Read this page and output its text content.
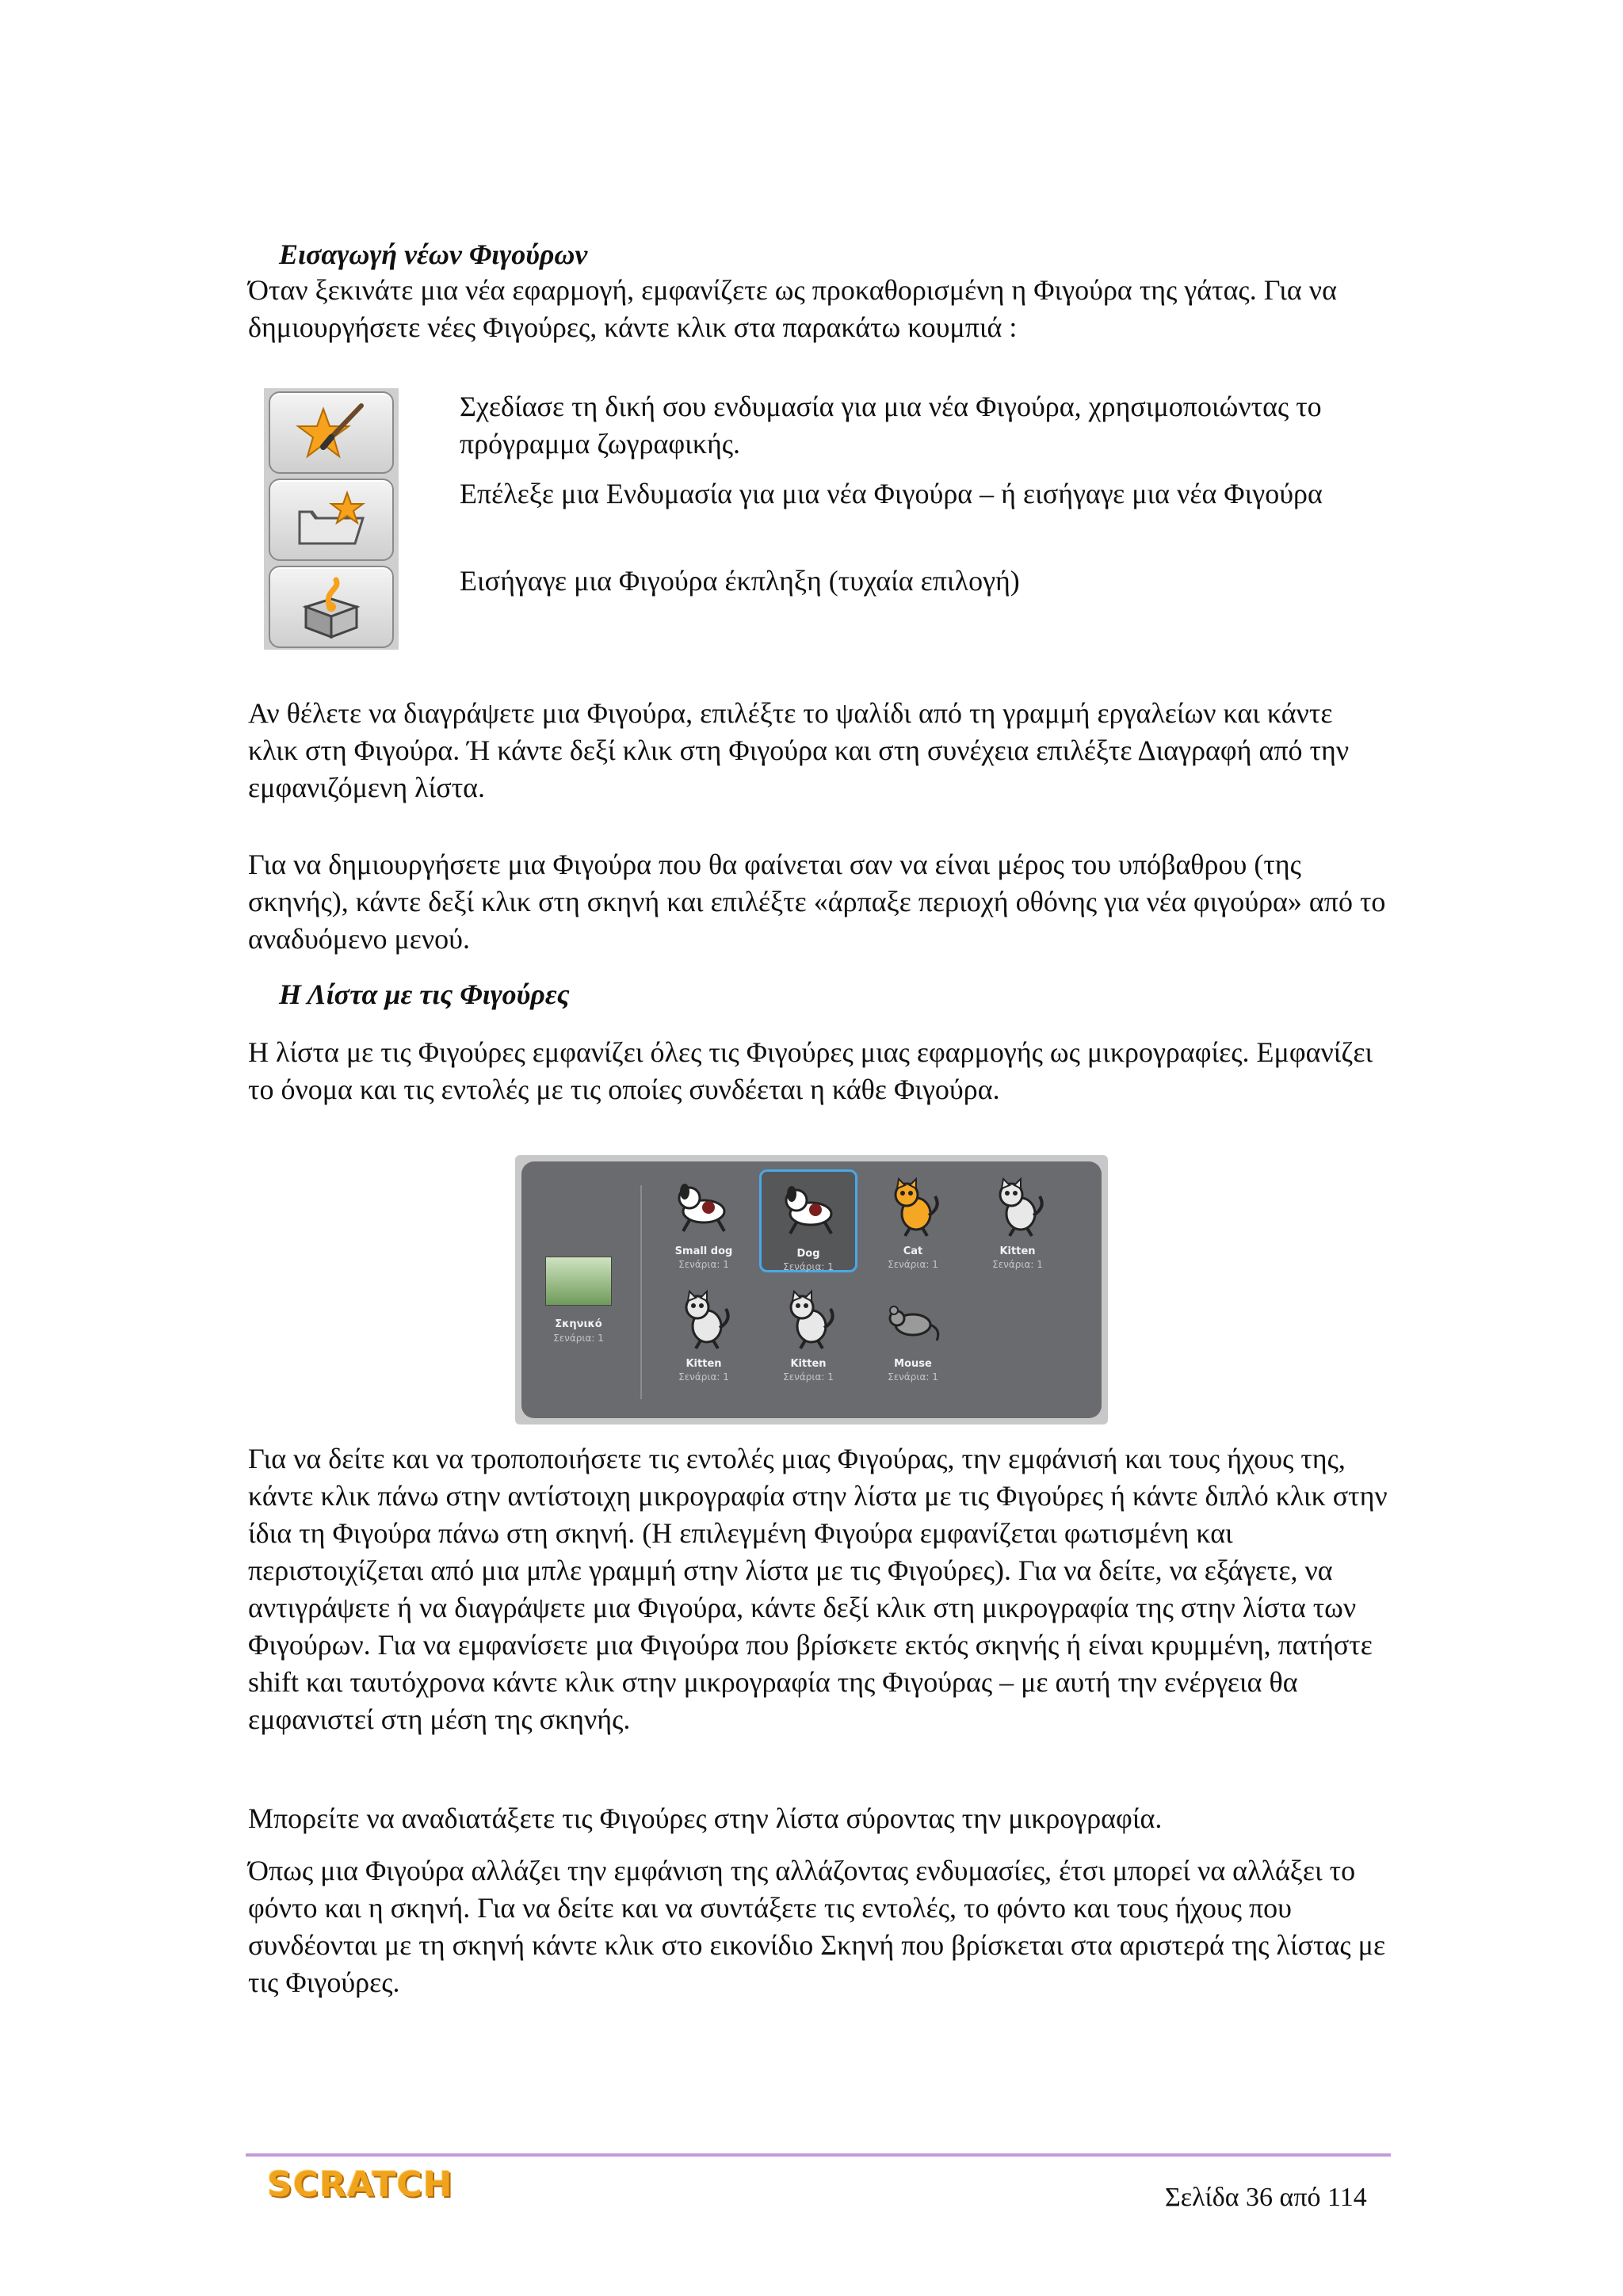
Εισαγωγή νέων Φιγούρων

Όταν ξεκινάτε μια νέα εφαρμογή, εμφανίζετε ως προκαθορισμένη η Φιγούρα της γάτας. Για να δημιουργήσετε νέες Φιγούρες, κάντε κλικ στα παρακάτω κουμπιά :

Σχεδίασε τη δική σου ενδυμασία για μια νέα Φιγούρα, χρησιμοποιώντας το πρόγραμμα ζωγραφικής.

Επέλεξε μια Ενδυμασία για μια νέα Φιγούρα – ή εισήγαγε μια νέα Φιγούρα

Εισήγαγε μια Φιγούρα έκπληξη (τυχαία επιλογή)

Αν θέλετε να διαγράψετε μια Φιγούρα, επιλέξτε το ψαλίδι από τη γραμμή εργαλείων και κάντε κλικ στη Φιγούρα. Ή κάντε δεξί κλικ στη Φιγούρα και στη συνέχεια επιλέξτε Διαγραφή από την εμφανιζόμενη λίστα.

Για να δημιουργήσετε μια Φιγούρα που θα φαίνεται σαν να είναι μέρος του υπόβαθρου (της σκηνής), κάντε δεξί κλικ στη σκηνή και επιλέξτε «άρπαξε περιοχή οθόνης για νέα φιγούρα» από το αναδυόμενο μενού.

Η Λίστα με τις Φιγούρες

Η λίστα με τις Φιγούρες εμφανίζει όλες τις Φιγούρες μιας εφαρμογής ως μικρογραφίες. Εμφανίζει το όνομα και τις εντολές με τις οποίες συνδέεται η κάθε Φιγούρα.

Σκηνικό
Σενάρια: 1
Small dog
Σενάρια: 1
Dog
Σενάρια: 1
Cat
Σενάρια: 1
Kitten
Σενάρια: 1
Kitten
Σενάρια: 1
Kitten
Σενάρια: 1
Mouse
Σενάρια: 1

Για να δείτε και να τροποποιήσετε τις εντολές μιας Φιγούρας, την εμφάνισή και τους ήχους της, κάντε κλικ πάνω στην αντίστοιχη μικρογραφία στην λίστα με τις Φιγούρες ή κάντε διπλό κλικ στην ίδια τη Φιγούρα πάνω στη σκηνή. (Η επιλεγμένη Φιγούρα εμφανίζεται φωτισμένη και περιστοιχίζεται από μια μπλε γραμμή στην λίστα με τις Φιγούρες). Για να δείτε, να εξάγετε, να αντιγράψετε ή να διαγράψετε μια Φιγούρα, κάντε δεξί κλικ στη μικρογραφία της στην λίστα των Φιγούρων. Για να εμφανίσετε μια Φιγούρα που βρίσκετε εκτός σκηνής ή είναι κρυμμένη, πατήστε shift και ταυτόχρονα κάντε κλικ στην μικρογραφία της Φιγούρας – με αυτή την ενέργεια θα εμφανιστεί στη μέση της σκηνής.

Μπορείτε να αναδιατάξετε τις Φιγούρες στην λίστα σύροντας την μικρογραφία.

Όπως μια Φιγούρα αλλάζει την εμφάνιση της αλλάζοντας ενδυμασίες, έτσι μπορεί να αλλάξει το φόντο και η σκηνή. Για να δείτε και να συντάξετε τις εντολές, το φόντο και τους ήχους που συνδέονται με τη σκηνή κάντε κλικ στο εικονίδιο Σκηνή που βρίσκεται στα αριστερά της λίστας με τις Φιγούρες.

SCRATCH	Σελίδα 36 από 114
